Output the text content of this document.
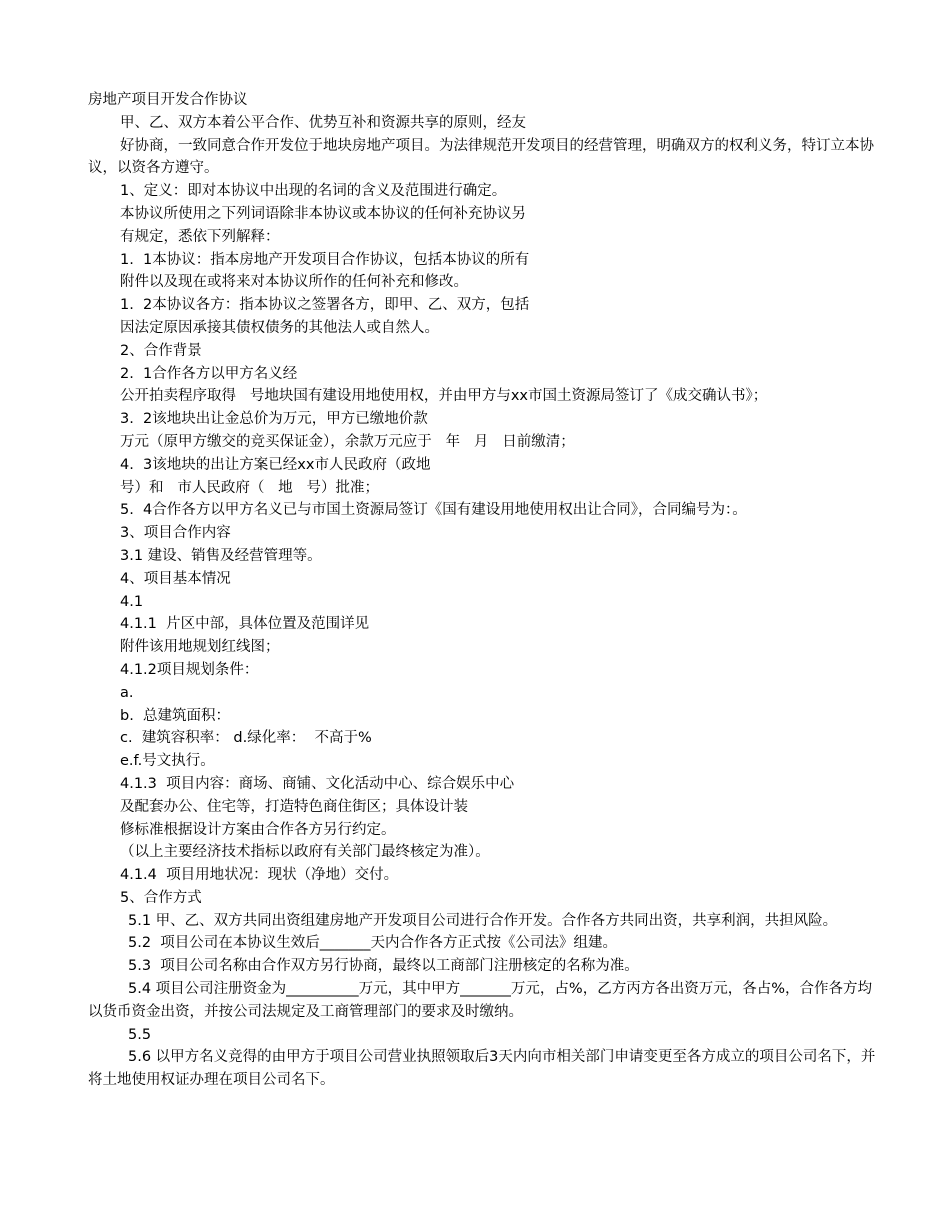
房地产项目开发合作协议
甲、乙、双方本着公平合作、优势互补和资源共享的原则，经友
好协商，一致同意合作开发位于地块房地产项目。为法律规范开发项目的经营管理，明确双方的权利义务，特订立本协议，以资各方遵守。
1、定义：即对本协议中出现的名词的含义及范围进行确定。
本协议所使用之下列词语除非本协议或本协议的任何补充协议另
有规定，悉依下列解释：
1.  1本协议：指本房地产开发项目合作协议，包括本协议的所有
附件以及现在或将来对本协议所作的任何补充和修改。
1.  2本协议各方：指本协议之签署各方，即甲、乙、双方，包括
因法定原因承接其债权债务的其他法人或自然人。
2、合作背景
2.  1合作各方以甲方名义经
公开拍卖程序取得   号地块国有建设用地使用权，并由甲方与xx市国土资源局签订了《成交确认书》；
3.  2该地块出让金总价为万元，甲方已缴地价款
万元（原甲方缴交的竞买保证金），余款万元应于   年   月   日前缴清；
4.  3该地块的出让方案已经xx市人民政府（政地
号）和   市人民政府（   地   号）批准；
5.  4合作各方以甲方名义已与市国土资源局签订《国有建设用地使用权出让合同》，合同编号为：。
3、项目合作内容
3.1 建设、销售及经营管理等。
4、项目基本情况
4.1
4.1.1  片区中部，具体位置及范围详见
附件该用地规划红线图；
4.1.2项目规划条件：
a.
b.  总建筑面积：
c.  建筑容积率： d.绿化率：  不高于%
e.f.号文执行。
4.1.3  项目内容：商场、商铺、文化活动中心、综合娱乐中心
及配套办公、住宅等，打造特色商住街区；具体设计装
修标准根据设计方案由合作各方另行约定。
（以上主要经济技术指标以政府有关部门最终核定为准）。
4.1.4  项目用地状况：现状（净地）交付。
5、合作方式
5.1 甲、乙、双方共同出资组建房地产开发项目公司进行合作开发。合作各方共同出资，共享利润，共担风险。
5.2  项目公司在本协议生效后_______天内合作各方正式按《公司法》组建。
5.3  项目公司名称由合作双方另行协商，最终以工商部门注册核定的名称为准。
5.4 项目公司注册资金为__________万元，其中甲方_______万元，占%，乙方丙方各出资万元，各占%，合作各方均以货币资金出资，并按公司法规定及工商管理部门的要求及时缴纳。
5.5
5.6 以甲方名义竞得的由甲方于项目公司营业执照领取后3天内向市相关部门申请变更至各方成立的项目公司名下，并将土地使用权证办理在项目公司名下。
